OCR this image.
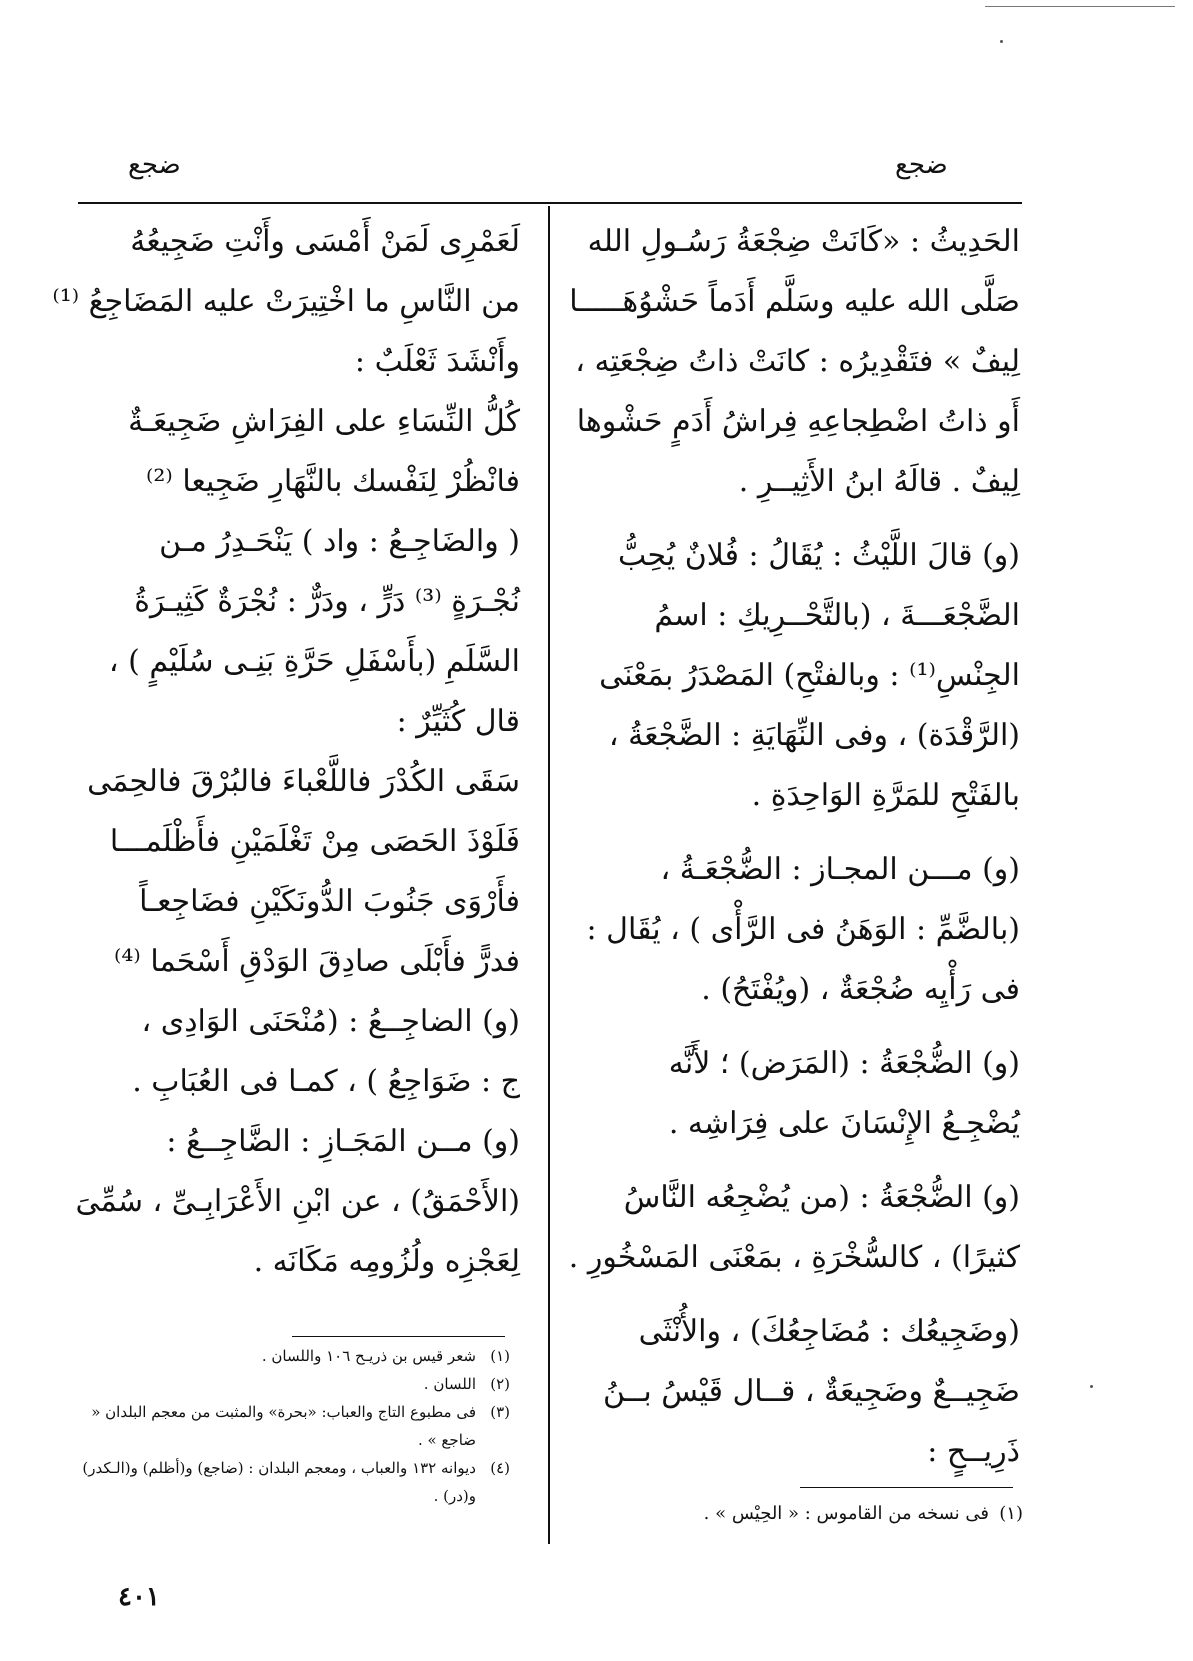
ضجع
ضجع
الحَدِيثُ : «كَانَتْ ضِجْعَةُ رَسُـولِ الله
صَلَّى الله عليه وسَلَّم أَدَماً حَشْوُهَـــــا
لِيفٌ » فتَقْدِيرُه : كانَتْ ذاتُ ضِجْعَتِه ،
أَو ذاتُ اضْطِجاعِهِ فِراشُ أَدَمٍ حَشْوها
لِيفٌ . قالَهُ ابنُ الأَثِيــرِ .
(و) قالَ اللَّيْثُ : يُقَالُ : فُلانٌ يُحِبُّ
الضَّجْعَـــةَ ، (بالتَّحْــرِيكِ : اسمُ
الجِنْسِ⁽¹⁾ : وبالفتْحِ) المَصْدَرُ بمَعْنَى
(الرَّقْدَة) ، وفى النِّهَايَةِ : الضَّجْعَةُ ،
بالفَتْحِ للمَرَّةِ الوَاحِدَةِ .
(و) مـــن المجـاز : الضُّجْعَـةُ ،
(بالضَّمِّ : الوَهَنُ فى الرَّأْى ) ، يُقَال :
فى رَأْيِه ضُجْعَةٌ ، (ويُفْتَحُ) .
(و) الضُّجْعَةُ : (المَرَض) ؛ لأَنَّه
يُضْجِـعُ الإِنْسَانَ على فِرَاشِه .
(و) الضُّجْعَةُ : (من يُضْجِعُه النَّاسُ
كثيرًا) ، كالسُّخْرَةِ ، بمَعْنَى المَسْخُورِ .
(وضَجِيعُك : مُضَاجِعُكَ) ، والأُنْثَى
ضَجِيــعٌ وضَجِيعَةٌ ، قــال قَيْسُ بــنُ
ذَرِيــحٍ :
لَعَمْرِى لَمَنْ أَمْسَى وأَنْتِ ضَجِيعُهُ
من النَّاسِ ما اخْتِيرَتْ عليه المَضَاجِعُ ⁽¹⁾
وأَنْشَدَ ثَعْلَبٌ :
كُلُّ النِّسَاءِ على الفِرَاشِ ضَجِيعَـةٌ
فانْظُرْ لِنَفْسك بالنَّهَارِ ضَجِيعا ⁽²⁾
( والضَاجِـعُ : واد ) يَنْحَـدِرُ مـن
نُجْـرَةٍ ⁽³⁾ دَرٍّ ، ودَرٌّ : نُجْرَةٌ كَثِيـرَةُ
السَّلَمِ (بأَسْفَلِ حَرَّةِ بَنِـى سُلَيْمٍ ) ،
قال كُثَيِّرٌ :
سَقَى الكُدْرَ فاللَّعْباءَ فالبُرْقَ فالحِمَى
فَلَوْذَ الحَصَى مِنْ تَغْلَمَيْنِ فأَظْلَمـــا
فأَرْوَى جَنُوبَ الدُّونَكَيْنِ فضَاجِعـاً
فدرًّ فأَبْلَى صادِقَ الوَدْقِ أَسْحَما ⁽⁴⁾
(و) الضاجِــعُ : (مُنْحَنَى الوَادِى ،
ج : ضَوَاجِعُ ) ، كمـا فى العُبَابِ .
(و) مــن المَجَـازِ : الضَّاجِــعُ :
(الأَحْمَقُ) ، عن ابْنِ الأَعْرَابِـىِّ ، سُمِّىَ
لِعَجْزِه ولُزُومِه مَكَانَه .
(١)
فى نسخه من القاموس : « الحِيْس » .
(١)
شعر قيس بن ذريـح ١٠٦ واللسان .
(٢)
اللسان .
(٣)
فى مطبوع التاج والعباب: «بحرة» والمثبت من معجم البلدان « ضاجع » .
(٤)
ديوانه ١٣٢ والعباب ، ومعجم البلدان : (ضاجع) و(أظلم) و(الـكدر) و(در) .
٤٠١
